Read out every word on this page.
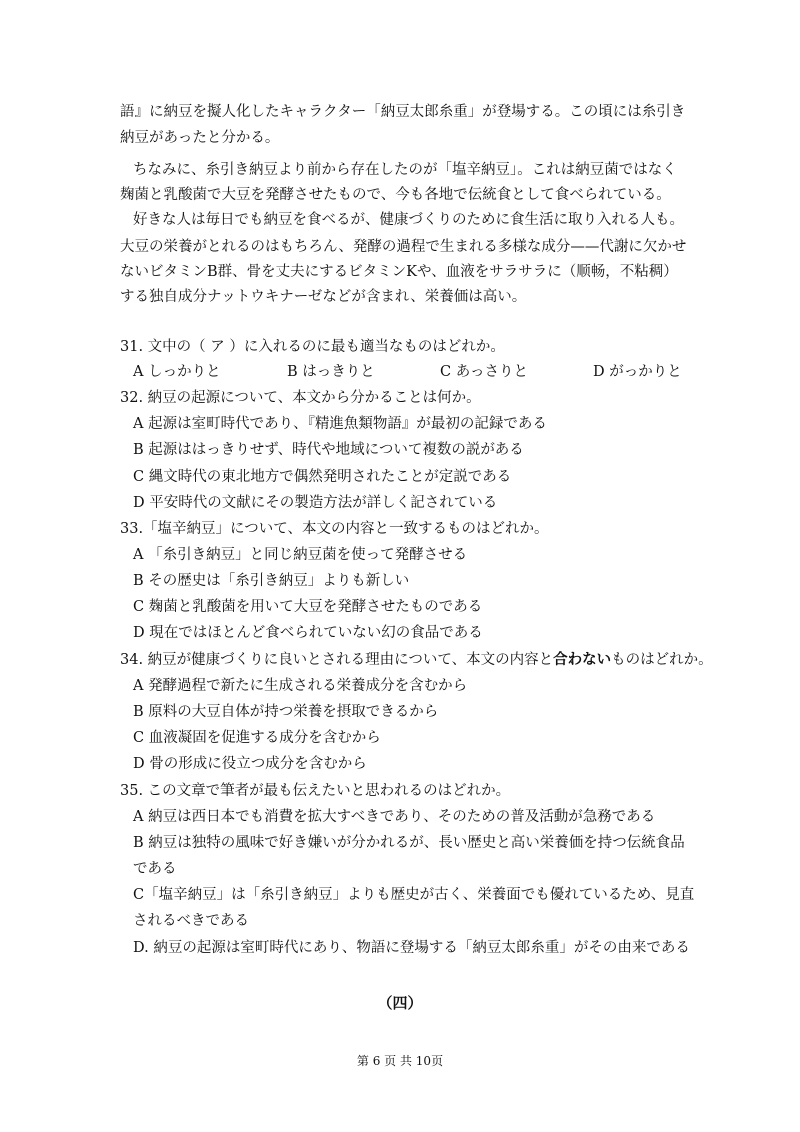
語』に納豆を擬人化したキャラクター「納豆太郎糸重」が登場する。この頃には糸引き
納豆があったと分かる。
ちなみに、糸引き納豆より前から存在したのが「塩辛納豆」。これは納豆菌ではなく
麹菌と乳酸菌で大豆を発酵させたもので、今も各地で伝統食として食べられている。
好きな人は毎日でも納豆を食べるが、健康づくりのために食生活に取り入れる人も。
大豆の栄養がとれるのはもちろん、発酵の過程で生まれる多様な成分——代謝に欠かせ
ないビタミンB群、骨を丈夫にするビタミンKや、血液をサラサラに（顺畅，不粘稠）
する独自成分ナットウキナーゼなどが含まれ、栄養価は高い。
31. 文中の（ ア ）に入れるのに最も適当なものはどれか。
A しっかりと	B はっきりと	C あっさりと	D がっかりと
32. 納豆の起源について、本文から分かることは何か。
A 起源は室町時代であり、『精進魚類物語』が最初の記録である
B 起源ははっきりせず、時代や地域について複数の説がある
C 縄文時代の東北地方で偶然発明されたことが定説である
D 平安時代の文献にその製造方法が詳しく記されている
33.「塩辛納豆」について、本文の内容と一致するものはどれか。
A 「糸引き納豆」と同じ納豆菌を使って発酵させる
B その歴史は「糸引き納豆」よりも新しい
C 麹菌と乳酸菌を用いて大豆を発酵させたものである
D 現在ではほとんど食べられていない幻の食品である
34. 納豆が健康づくりに良いとされる理由について、本文の内容と合わないものはどれか。
A 発酵過程で新たに生成される栄養成分を含むから
B 原料の大豆自体が持つ栄養を摂取できるから
C 血液凝固を促進する成分を含むから
D 骨の形成に役立つ成分を含むから
35. この文章で筆者が最も伝えたいと思われるのはどれか。
A 納豆は西日本でも消費を拡大すべきであり、そのための普及活動が急務である
B 納豆は独特の風味で好き嫌いが分かれるが、長い歴史と高い栄養価を持つ伝統食品
である
C「塩辛納豆」は「糸引き納豆」よりも歴史が古く、栄養面でも優れているため、見直
されるべきである
D. 納豆の起源は室町時代にあり、物語に登場する「納豆太郎糸重」がその由来である
（四）
第 6 页 共 10页
